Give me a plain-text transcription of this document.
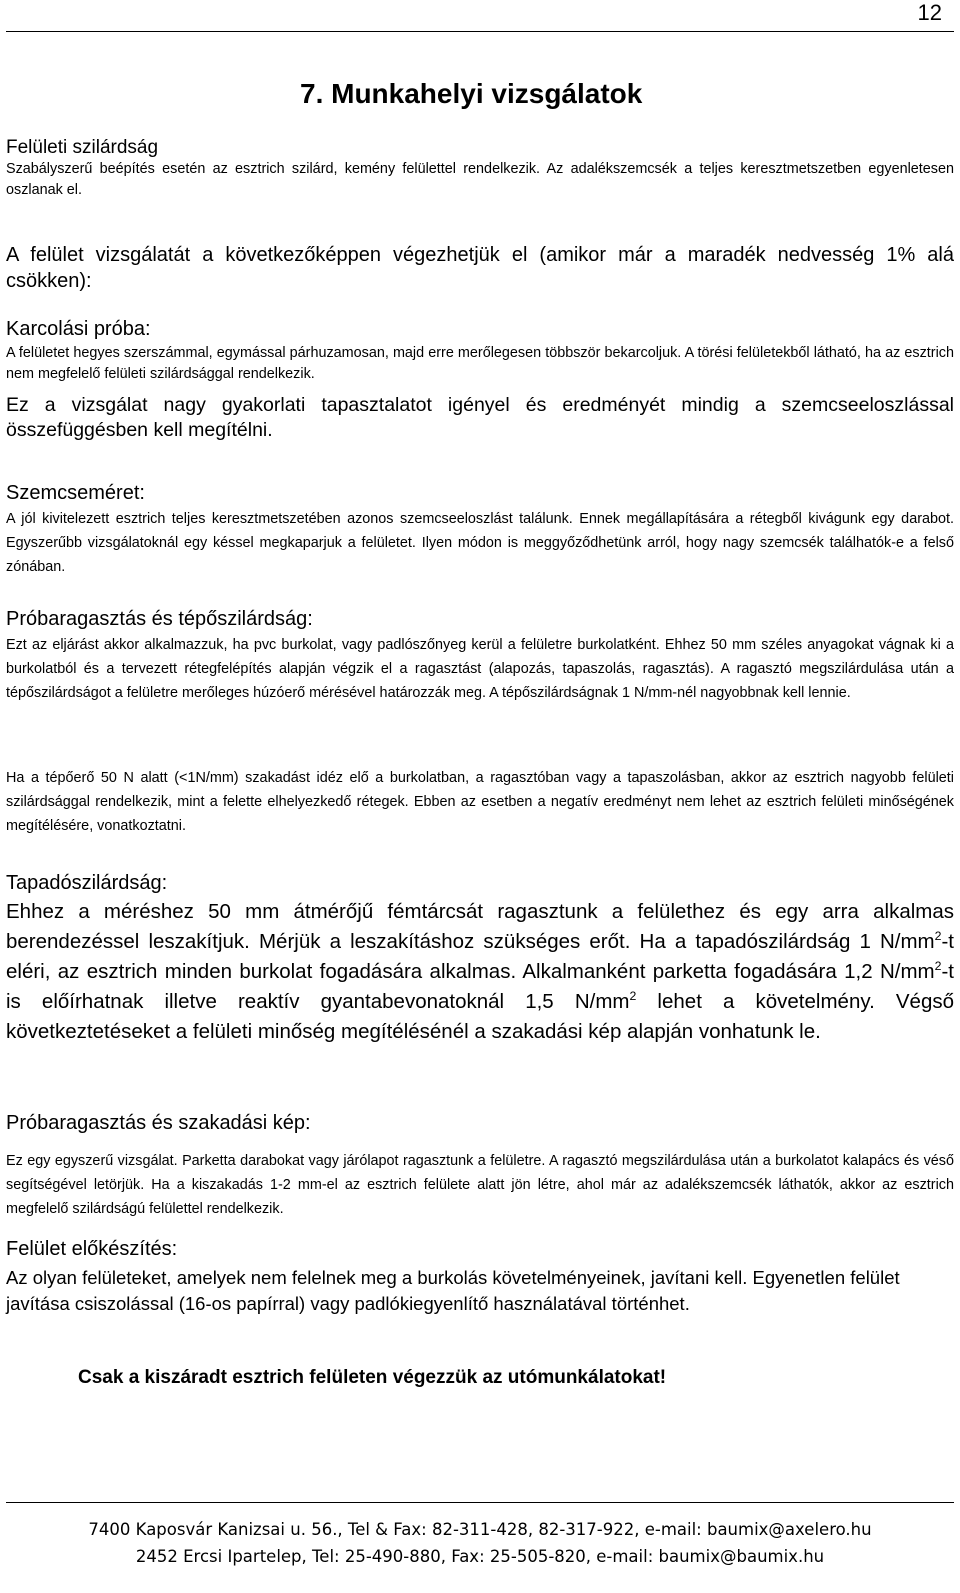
12
7. Munkahelyi vizsgálatok

Felületi szilárdság

Szabályszerű beépítés esetén az esztrich szilárd, kemény felülettel rendelkezik. Az adalékszemcsék a teljes keresztmetszetben egyenletesen oszlanak el.

A felület vizsgálatát a következőképpen végezhetjük el (amikor már a maradék nedvesség 1% alá csökken):

Karcolási próba:

A felületet hegyes szerszámmal, egymással párhuzamosan, majd erre merőlegesen többször bekarcoljuk. A törési felületekből látható, ha az esztrich nem megfelelő felületi szilárdsággal rendelkezik.

Ez a vizsgálat nagy gyakorlati tapasztalatot igényel és eredményét mindig a szemcseeloszlással összefüggésben kell megítélni.

Szemcseméret:

A jól kivitelezett esztrich teljes keresztmetszetében azonos szemcseeloszlást találunk. Ennek megállapítására a rétegből kivágunk egy darabot. Egyszerűbb vizsgálatoknál egy késsel megkaparjuk a felületet. Ilyen módon is meggyőződhetünk arról, hogy nagy szemcsék találhatók-e a felső zónában.

Próbaragasztás és tépőszilárdság:

Ezt az eljárást akkor alkalmazzuk, ha pvc burkolat, vagy padlószőnyeg kerül a felületre burkolatként. Ehhez 50 mm széles anyagokat vágnak ki a burkolatból és a tervezett rétegfelépítés alapján végzik el a ragasztást (alapozás, tapaszolás, ragasztás). A ragasztó megszilárdulása után a tépőszilárdságot a felületre merőleges húzóerő mérésével határozzák meg. A tépőszilárdságnak 1 N/mm-nél nagyobbnak kell lennie.

Ha a tépőerő 50 N alatt (<1N/mm) szakadást idéz elő a burkolatban, a ragasztóban vagy a tapaszolásban, akkor az esztrich nagyobb felületi szilárdsággal rendelkezik, mint a felette elhelyezkedő rétegek. Ebben az esetben a negatív eredményt nem lehet az esztrich felületi minőségének megítélésére, vonatkoztatni.

Tapadószilárdság:

Ehhez a méréshez 50 mm átmérőjű fémtárcsát ragasztunk a felülethez és egy arra alkalmas berendezéssel leszakítjuk. Mérjük a leszakításhoz szükséges erőt. Ha a tapadószilárdság 1 $N/mm^2-t$ eléri, az esztrich minden burkolat fogadására alkalmas. Alkalmanként parketta fogadására 1,2 $N/mm^2-t$ is előírhatnak illetve reaktív gyantabevonatoknál 1,5 $N/mm^2$ lehet a követelmény. Végső következtetéseket a felületi minőség megítélésénél a szakadási kép alapján vonhatunk le.

Próbaragasztás és szakadási kép:

Ez egy egyszerű vizsgálat. Parketta darabokat vagy járólapot ragasztunk a felületre. A ragasztó megszilárdulása után a burkolatot kalapács és véső segítségével letörjük. Ha a kiszakadás 1-2 mm-el az esztrich felülete alatt jön létre, ahol már az adalékszemcsék láthatók, akkor az esztrich megfelelő szilárdságú felülettel rendelkezik.

Felület előkészítés:

Az olyan felületeket, amelyek nem felelnek meg a burkolás követelményeinek, javítani kell. Egyenetlen felület javítása csiszolással (16-os papírral) vagy padlókiegyenlítő használatával történhet.

Csak a kiszáradt esztrich felületen végezzük az utómunkálatokat!
7400 Kaposvár Kanizsai u. 56., Tel & Fax: 82-311-428, 82-317-922, e-mail: baumix@axelero.hu
2452 Ercsi Ipartelep, Tel: 25-490-880, Fax: 25-505-820, e-mail: baumix@baumix.hu
